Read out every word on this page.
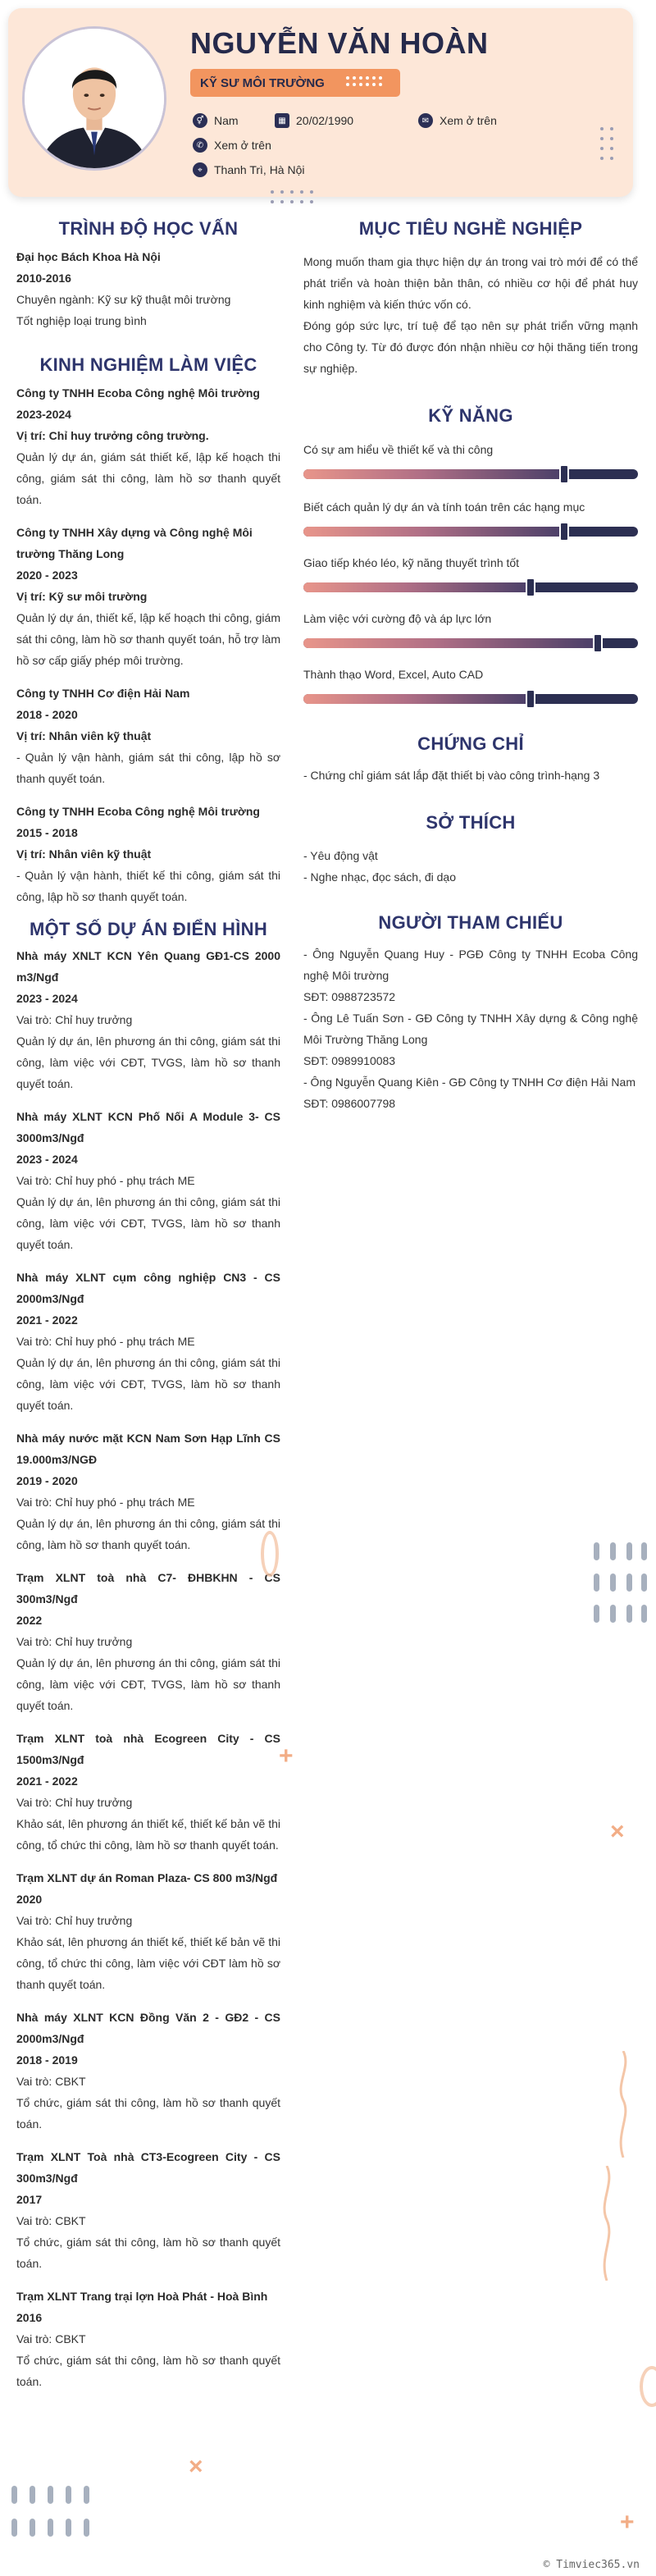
NGUYỄN VĂN HOÀN
KỸ SƯ MÔI TRƯỜNG
⚥ Nam	▦ 20/02/1990	✉ Xem ở trên
✆ Xem ở trên
⌖	Thanh Trì, Hà Nội
TRÌNH ĐỘ HỌC VẤN
Đại học Bách Khoa Hà Nội
2010-2016
Chuyên ngành: Kỹ sư kỹ thuật môi trường
Tốt nghiệp loại trung bình
KINH NGHIỆM LÀM VIỆC
Công ty TNHH Ecoba Công nghệ Môi trường
2023-2024
Vị trí: Chỉ huy trưởng công trường.
Quản lý dự án, giám sát thiết kế, lập kế hoạch thi công, giám sát thi công, làm hồ sơ thanh quyết toán.
Công ty TNHH Xây dựng và Công nghệ Môi trường Thăng Long
2020 - 2023
Vị trí: Kỹ sư môi trường
Quản lý dự án, thiết kế, lập kế hoạch thi công, giám sát thi công, làm hồ sơ thanh quyết toán, hỗ trợ làm hồ sơ cấp giấy phép môi trường.
Công ty TNHH Cơ điện Hải Nam
2018 - 2020
Vị trí: Nhân viên kỹ thuật
- Quản lý vận hành, giám sát thi công, lập hồ sơ thanh quyết toán.
Công ty TNHH Ecoba Công nghệ Môi trường
2015 - 2018
Vị trí: Nhân viên kỹ thuật
- Quản lý vận hành, thiết kế thi công, giám sát thi công, lập hồ sơ thanh quyết toán.
MỘT SỐ DỰ ÁN ĐIỂN HÌNH
Nhà máy XNLT KCN Yên Quang GĐ1-CS 2000 m3/Ngđ
2023 - 2024
Vai trò: Chỉ huy trưởng
Quản lý dự án, lên phương án thi công, giám sát thi công, làm việc với CĐT, TVGS, làm hồ sơ thanh quyết toán.
Nhà máy XLNT KCN Phố Nối A Module 3- CS 3000m3/Ngđ
2023 - 2024
Vai trò: Chỉ huy phó - phụ trách ME
Quản lý dự án, lên phương án thi công, giám sát thi công, làm việc với CĐT, TVGS, làm hồ sơ thanh quyết toán.
Nhà máy XLNT cụm công nghiệp CN3 - CS 2000m3/Ngđ
2021 - 2022
Vai trò: Chỉ huy phó - phụ trách ME
Quản lý dự án, lên phương án thi công, giám sát thi công, làm việc với CĐT, TVGS, làm hồ sơ thanh quyết toán.
Nhà máy nước mặt KCN Nam Sơn Hạp Lĩnh CS 19.000m3/NGĐ
2019 - 2020
Vai trò: Chỉ huy phó - phụ trách ME
Quản lý dự án, lên phương án thi công, giám sát thi công, làm hồ sơ thanh quyết toán.
Trạm XLNT toà nhà C7- ĐHBKHN - CS 300m3/Ngđ
2022
Vai trò: Chỉ huy trưởng
Quản lý dự án, lên phương án thi công, giám sát thi công, làm việc với CĐT, TVGS, làm hồ sơ thanh quyết toán.
Trạm XLNT toà nhà Ecogreen City - CS 1500m3/Ngđ
2021 - 2022
Vai trò: Chỉ huy trưởng
Khảo sát, lên phương án thiết kế, thiết kế bản vẽ thi công, tổ chức thi công, làm hồ sơ thanh quyết toán.
Trạm XLNT dự án Roman Plaza- CS 800 m3/Ngđ
2020
Vai trò: Chỉ huy trưởng
Khảo sát, lên phương án thiết kế, thiết kế bản vẽ thi công, tổ chức thi công, làm việc với CĐT làm hồ sơ thanh quyết toán.
Nhà máy XLNT KCN Đồng Văn 2 - GĐ2 - CS 2000m3/Ngđ
2018 - 2019
Vai trò: CBKT
Tổ chức, giám sát thi công, làm hồ sơ thanh quyết toán.
Trạm XLNT Toà nhà CT3-Ecogreen City - CS 300m3/Ngđ
2017
Vai trò: CBKT
Tổ chức, giám sát thi công, làm hồ sơ thanh quyết toán.
Trạm XLNT Trang trại lợn Hoà Phát - Hoà Bình
2016
Vai trò: CBKT
Tổ chức, giám sát thi công, làm hồ sơ thanh quyết toán.
MỤC TIÊU NGHỀ NGHIỆP
Mong muốn tham gia thực hiện dự án trong vai trò mới để có thể phát triển và hoàn thiện bản thân, có nhiều cơ hội để phát huy kinh nghiệm và kiến thức vốn có.
Đóng góp sức lực, trí tuệ để tạo nên sự phát triển vững mạnh cho Công ty. Từ đó được đón nhận nhiều cơ hội thăng tiến trong sự nghiệp.
KỸ NĂNG
Có sự am hiểu về thiết kế và thi công
Biết cách quản lý dự án và tính toán trên các hạng mục
Giao tiếp khéo léo, kỹ năng thuyết trình tốt
Làm việc với cường độ và áp lực lớn
Thành thạo Word, Excel, Auto CAD
CHỨNG CHỈ
- Chứng chỉ giám sát lắp đặt thiết bị vào công trình-hạng 3
SỞ THÍCH
- Yêu động vật
- Nghe nhạc, đọc sách, đi dạo
NGƯỜI THAM CHIẾU
- Ông Nguyễn Quang Huy - PGĐ Công ty TNHH Ecoba Công nghệ Môi trường
SĐT: 0988723572
- Ông Lê Tuấn Sơn - GĐ Công ty TNHH Xây dựng & Công nghệ Môi Trường Thăng Long
SĐT: 0989910083
- Ông Nguyễn Quang Kiên - GĐ Công ty TNHH Cơ điện Hải Nam
SĐT: 0986007798
+
×
×
+
© Timviec365.vn
